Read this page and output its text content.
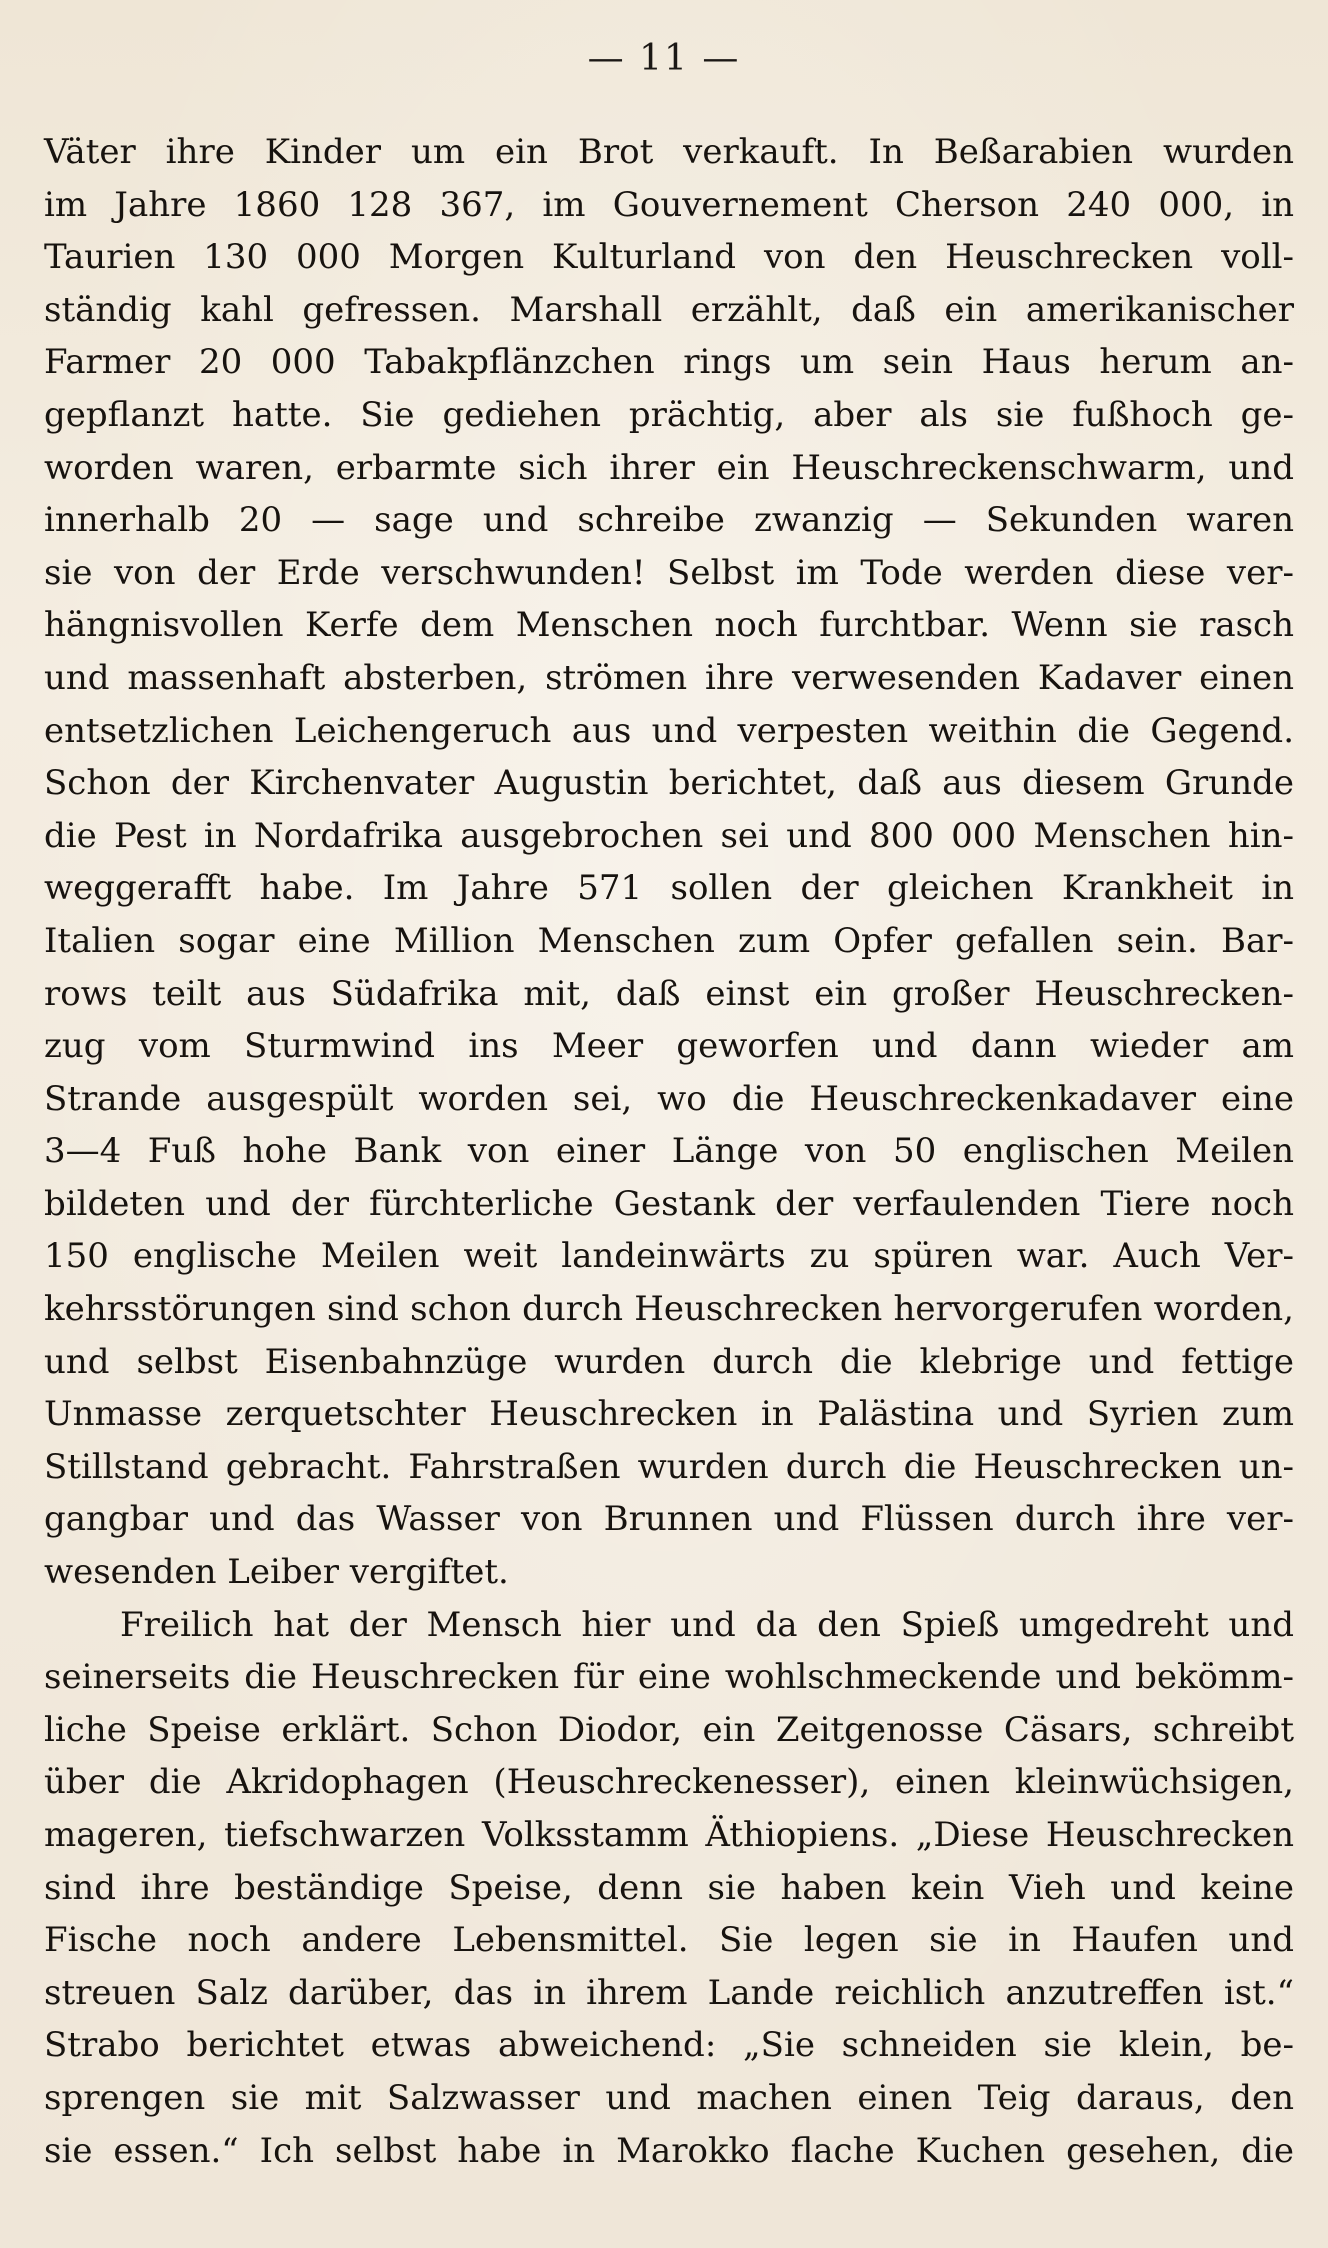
— 11 —
Väter ihre Kinder um ein Brot verkauft. In Beßarabien wurden
im Jahre 1860 128 367, im Gouvernement Cherson 240 000, in
Taurien 130 000 Morgen Kulturland von den Heuschrecken voll-
ständig kahl gefressen. Marshall erzählt, daß ein amerikanischer
Farmer 20 000 Tabakpflänzchen rings um sein Haus herum an-
gepflanzt hatte. Sie gediehen prächtig, aber als sie fußhoch ge-
worden waren, erbarmte sich ihrer ein Heuschreckenschwarm, und
innerhalb 20 — sage und schreibe zwanzig — Sekunden waren
sie von der Erde verschwunden! Selbst im Tode werden diese ver-
hängnisvollen Kerfe dem Menschen noch furchtbar. Wenn sie rasch
und massenhaft absterben, strömen ihre verwesenden Kadaver einen
entsetzlichen Leichengeruch aus und verpesten weithin die Gegend.
Schon der Kirchenvater Augustin berichtet, daß aus diesem Grunde
die Pest in Nordafrika ausgebrochen sei und 800 000 Menschen hin-
weggerafft habe. Im Jahre 571 sollen der gleichen Krankheit in
Italien sogar eine Million Menschen zum Opfer gefallen sein. Bar-
rows teilt aus Südafrika mit, daß einst ein großer Heuschrecken-
zug vom Sturmwind ins Meer geworfen und dann wieder am
Strande ausgespült worden sei, wo die Heuschreckenkadaver eine
3—4 Fuß hohe Bank von einer Länge von 50 englischen Meilen
bildeten und der fürchterliche Gestank der verfaulenden Tiere noch
150 englische Meilen weit landeinwärts zu spüren war. Auch Ver-
kehrsstörungen sind schon durch Heuschrecken hervorgerufen worden,
und selbst Eisenbahnzüge wurden durch die klebrige und fettige
Unmasse zerquetschter Heuschrecken in Palästina und Syrien zum
Stillstand gebracht. Fahrstraßen wurden durch die Heuschrecken un-
gangbar und das Wasser von Brunnen und Flüssen durch ihre ver-
wesenden Leiber vergiftet.
Freilich hat der Mensch hier und da den Spieß umgedreht und
seinerseits die Heuschrecken für eine wohlschmeckende und bekömm-
liche Speise erklärt. Schon Diodor, ein Zeitgenosse Cäsars, schreibt
über die Akridophagen (Heuschreckenesser), einen kleinwüchsigen,
mageren, tiefschwarzen Volksstamm Äthiopiens. „Diese Heuschrecken
sind ihre beständige Speise, denn sie haben kein Vieh und keine
Fische noch andere Lebensmittel. Sie legen sie in Haufen und
streuen Salz darüber, das in ihrem Lande reichlich anzutreffen ist.“
Strabo berichtet etwas abweichend: „Sie schneiden sie klein, be-
sprengen sie mit Salzwasser und machen einen Teig daraus, den
sie essen.“ Ich selbst habe in Marokko flache Kuchen gesehen, die
